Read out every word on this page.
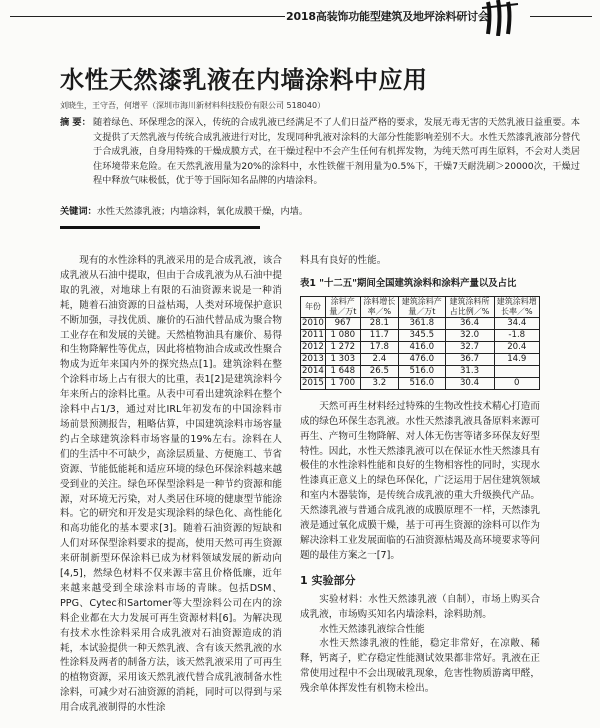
2018高装饰功能型建筑及地坪涂料研讨会
水性天然漆乳液在内墙涂料中应用
刘晓生，王守吾，何增平（深圳市海川新材料科技股份有限公司 518040）
摘 要： 随着绿色、环保理念的深入，传统的合成乳液已经满足不了人们日益严格的要求，发展无毒无害的天然乳液日益重要。本文提供了天然乳液与传统合成乳液进行对比，发现同种乳液对涂料的大部分性能影响差别不大。水性天然漆乳液部分替代于合成乳液，自身用特殊的干燥成膜方式，在干燥过程中不会产生任何有机挥发物，为纯天然可再生原料，不会对人类居住环境带来危险。在天然乳液用量为20%的涂料中，水性铁催干剂用量为0.5%下，干燥7天耐洗刷＞20000次，干燥过程中释放气味极低，优于等于国际知名品牌的内墙涂料。
关键词：水性天然漆乳液；内墙涂料，氧化成膜干燥，内墙。

现有的水性涂料的乳液采用的是合成乳液，该合成乳液从石油中提取，但由于合成乳液为从石油中提取的乳液，对地球上有限的石油资源来说是一种消耗，随着石油资源的日益枯竭，人类对环境保护意识不断加强，寻找优质、廉价的石油代替品成为聚合物工业存在和发展的关键。天然植物油具有廉价、易得和生物降解性等优点，因此将植物油合成或改性聚合物成为近年来国内外的探究热点[1]。建筑涂料在整个涂料市场上占有很大的比重，表1[2]是建筑涂料今年来所占的涂料比重。从表中可看出建筑涂料在整个涂料中占1/3，通过对比IRL年初发布的中国涂料市场前景预测报告，粗略估算，中国建筑涂料市场容量约占全球建筑涂料市场容量的19%左右。涂料在人们的生活中不可缺少，高涂层质量、方便施工、节省资源、节能低能耗和适应环境的绿色环保涂料越来越受到业的关注。绿色环保型涂料是一种节约资源和能源，对环境无污染，对人类居住环境的健康型节能涂料。它的研究和开发是实现涂料的绿色化、高性能化和高功能化的基本要求[3]。随着石油资源的短缺和人们对环保型涂料要求的提高，使用天然可再生资源来研制新型环保涂料已成为材料领域发展的新动向[4,5]，然绿色材料不仅来源丰富且价格低廉，近年来越来越受到全球涂料市场的青睐。包括DSM、PPG、Cytec和Sartomer等大型涂料公司在内的涂料企业都在大力发展可再生资源材料[6]。为解决现有技术水性涂料采用合成乳液对石油资源造成的消耗，本试验提供一种天然乳液、含有该天然乳液的水性涂料及两者的制备方法，该天然乳液采用了可再生的植物资源，采用该天然乳液代替合成乳液制备水性涂料，可减少对石油资源的消耗，同时可以得到与采用合成乳液制得的水性涂

料具有良好的性能。

表1 "十二五"期间全国建筑涂料和涂料产量以及占比
年份	涂料产量／万t	涂料增长率／%	建筑涂料产量／万t	建筑涂料所占比例／%	建筑涂料增长率／%
2010	967	28.1	361.8	36.4	34.4
2011	1 080	11.7	345.5	32.0	-1.8
2012	1 272	17.8	416.0	32.7	20.4
2013	1 303	2.4	476.0	36.7	14.9
2014	1 648	26.5	516.0	31.3	
2015	1 700	3.2	516.0	30.4	0

天然可再生材料经过特殊的生物改性技术精心打造而成的绿色环保生态乳液。水性天然漆乳液具备原料来源可再生、产物可生物降解、对人体无伤害等诸多环保友好型特性。因此，水性天然漆乳液可以在保证水性天然漆具有极佳的水性涂料性能和良好的生物相容性的同时，实现水性漆真正意义上的绿色环保化，广泛运用于居住建筑领域和室内木器装饰，是传统合成乳液的重大升级换代产品。天然漆乳液与普通合成乳液的成膜原理不一样，天然漆乳液是通过氧化成膜干燥，基于可再生资源的涂料可以作为解决涂料工业发展面临的石油资源枯竭及高环境要求等问题的最佳方案之一[7]。

1 实验部分

实验材料：水性天然漆乳液（自制），市场上购买合成乳液，市场购买知名内墙涂料，涂料助剂。

水性天然漆乳液综合性能

水性天然漆乳液的性能，稳定非常好，在凉敞、稀释，钙离子，贮存稳定性能测试效果都非常好。乳液在正常使用过程中不会出现破乳现象，危害性物质游离甲醛，残余单体挥发性有机物未检出。
